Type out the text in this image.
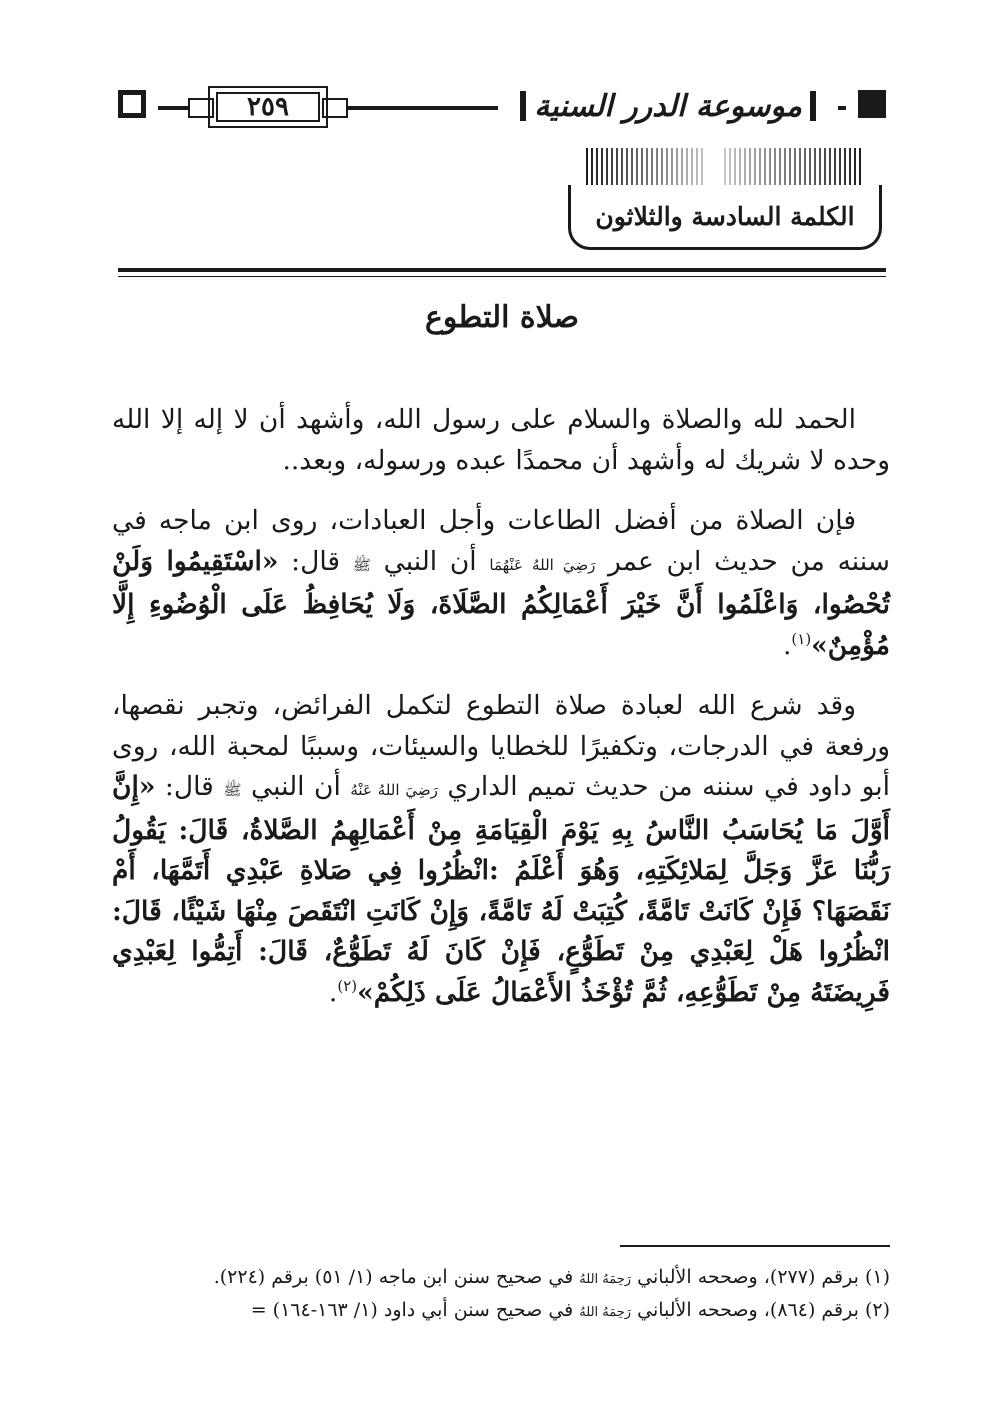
٢٥٩	موسوعة الدرر السنية
الكلمة السادسة والثلاثون
صلاة التطوع

الحمد لله والصلاة والسلام على رسول الله، وأشهد أن لا إله إلا الله وحده لا شريك له وأشهد أن محمدًا عبده ورسوله، وبعد..

فإن الصلاة من أفضل الطاعات وأجل العبادات، روى ابن ماجه في سننه من حديث ابن عمر رَضِيَ اللهُ عَنْهُمَا أن النبي ﷺ قال: «اسْتَقِيمُوا وَلَنْ تُحْصُوا، وَاعْلَمُوا أَنَّ خَيْرَ أَعْمَالِكُمُ الصَّلَاةَ، وَلَا يُحَافِظُ عَلَى الْوُضُوءِ إِلَّا مُؤْمِنٌ»$^{(١)}$.

وقد شرع الله لعبادة صلاة التطوع لتكمل الفرائض، وتجبر نقصها، ورفعة في الدرجات، وتكفيرًا للخطايا والسيئات، وسببًا لمحبة الله، روى أبو داود في سننه من حديث تميم الداري رَضِيَ اللهُ عَنْهُ أن النبي ﷺ قال: «إِنَّ أَوَّلَ مَا يُحَاسَبُ النَّاسُ بِهِ يَوْمَ الْقِيَامَةِ مِنْ أَعْمَالِهِمُ الصَّلاةُ، قَالَ: يَقُولُ رَبُّنَا عَزَّ وَجَلَّ لِمَلائِكَتِهِ، وَهُوَ أَعْلَمُ :انْظُرُوا فِي صَلاةِ عَبْدِي أَتَمَّهَا، أَمْ نَقَصَهَا؟ فَإِنْ كَانَتْ تَامَّةً، كُتِبَتْ لَهُ تَامَّةً، وَإِنْ كَانَتِ انْتَقَصَ مِنْهَا شَيْئًا، قَالَ: انْظُرُوا هَلْ لِعَبْدِي مِنْ تَطَوُّعٍ، فَإِنْ كَانَ لَهُ تَطَوُّعٌ، قَالَ: أَتِمُّوا لِعَبْدِي فَرِيضَتَهُ مِنْ تَطَوُّعِهِ، ثُمَّ تُؤْخَذُ الأَعْمَالُ عَلَى ذَلِكُمْ»$^{(٢)}$.

(١) برقم (٢٧٧)، وصححه الألباني رَحِمَهُ اللهُ في صحيح سنن ابن ماجه (١/ ٥١) برقم (٢٢٤).
(٢) برقم (٨٦٤)، وصححه الألباني رَحِمَهُ اللهُ في صحيح سنن أبي داود (١/ ١٦٣-١٦٤) =
